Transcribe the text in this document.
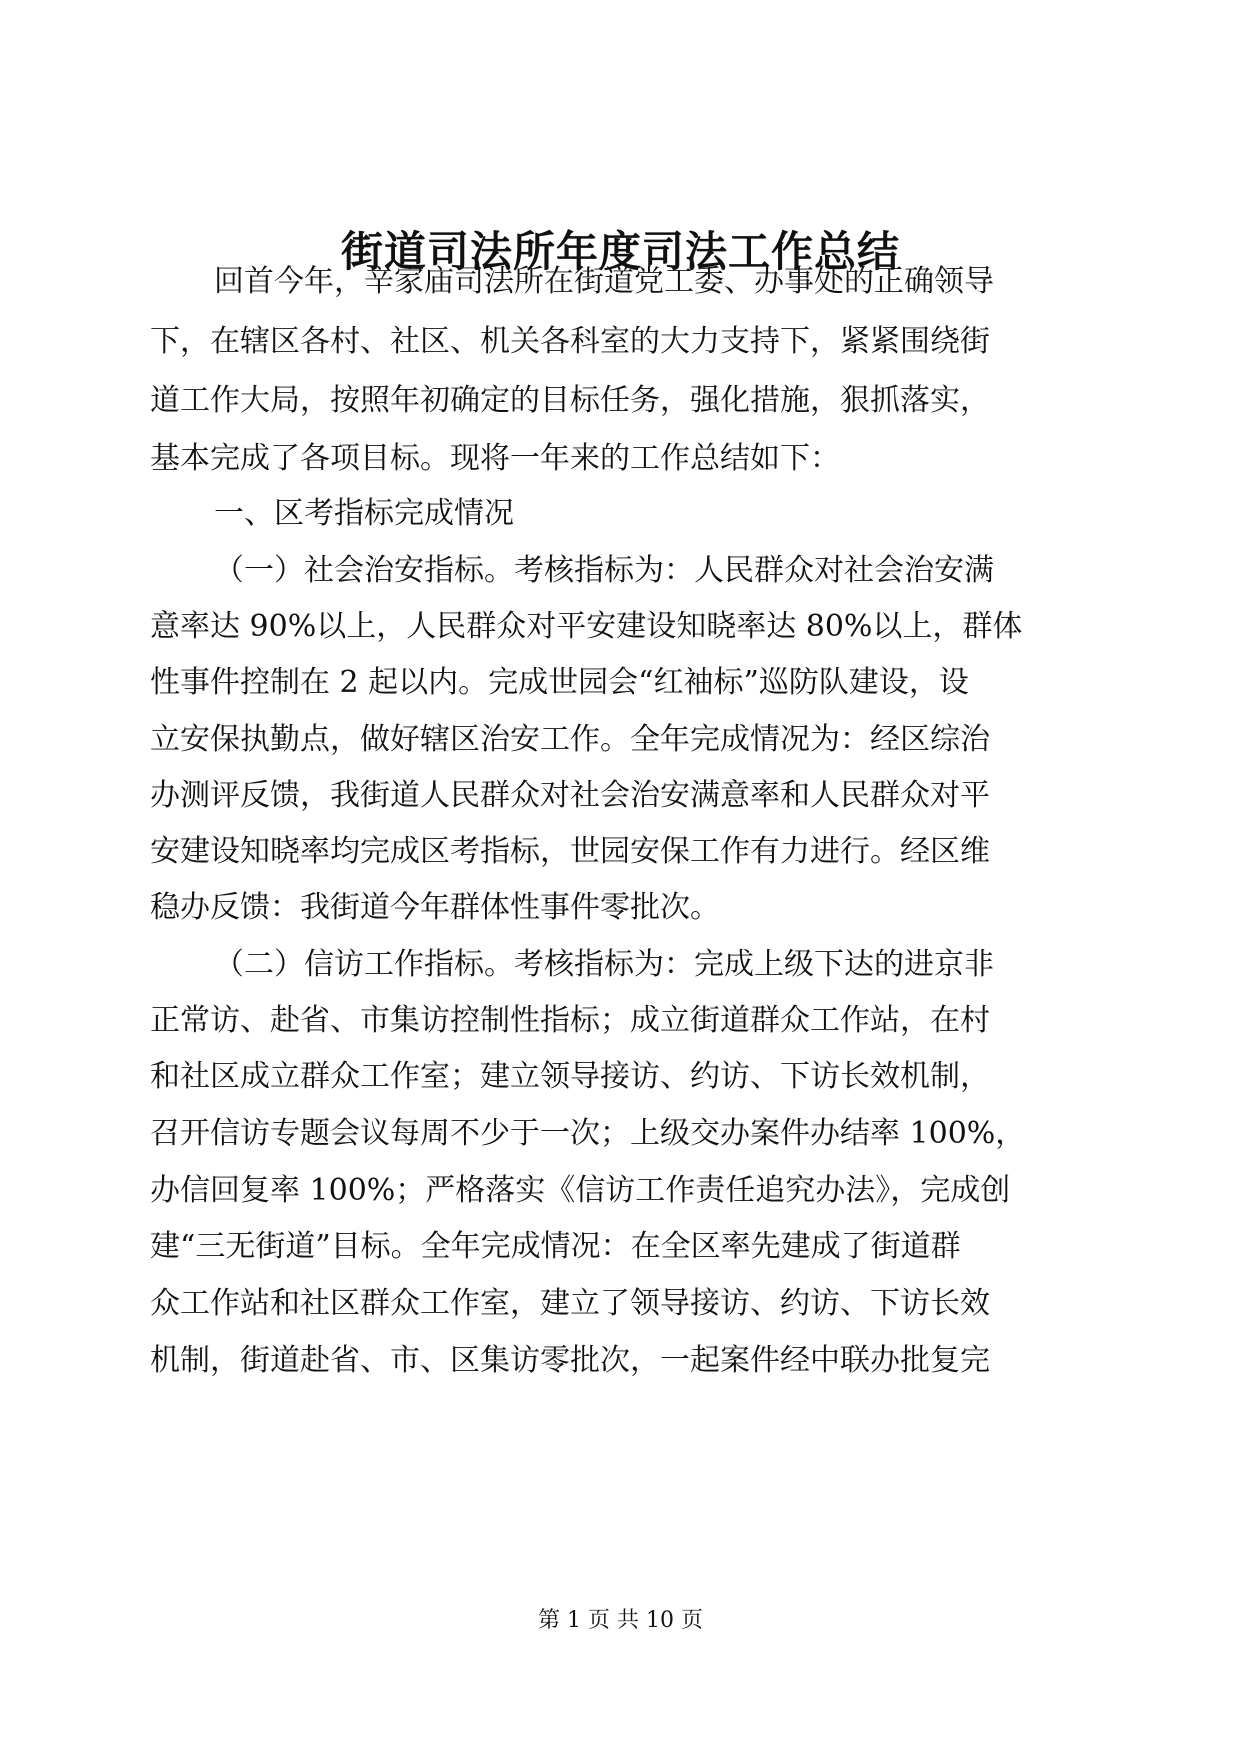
街道司法所年度司法工作总结
回首今年，辛家庙司法所在街道党工委、办事处的正确领导
下，在辖区各村、社区、机关各科室的大力支持下，紧紧围绕街
道工作大局，按照年初确定的目标任务，强化措施，狠抓落实，
基本完成了各项目标。现将一年来的工作总结如下：
一、区考指标完成情况
（一）社会治安指标。考核指标为：人民群众对社会治安满
意率达 90%以上，人民群众对平安建设知晓率达 80%以上，群体
性事件控制在 2 起以内。完成世园会“红袖标”巡防队建设，设
立安保执勤点，做好辖区治安工作。全年完成情况为：经区综治
办测评反馈，我街道人民群众对社会治安满意率和人民群众对平
安建设知晓率均完成区考指标，世园安保工作有力进行。经区维
稳办反馈：我街道今年群体性事件零批次。
（二）信访工作指标。考核指标为：完成上级下达的进京非
正常访、赴省、市集访控制性指标；成立街道群众工作站，在村
和社区成立群众工作室；建立领导接访、约访、下访长效机制，
召开信访专题会议每周不少于一次；上级交办案件办结率 100%，
办信回复率 100%；严格落实《信访工作责任追究办法》，完成创
建“三无街道”目标。全年完成情况：在全区率先建成了街道群
众工作站和社区群众工作室，建立了领导接访、约访、下访长效
机制，街道赴省、市、区集访零批次，一起案件经中联办批复完
第 1 页 共 10 页
